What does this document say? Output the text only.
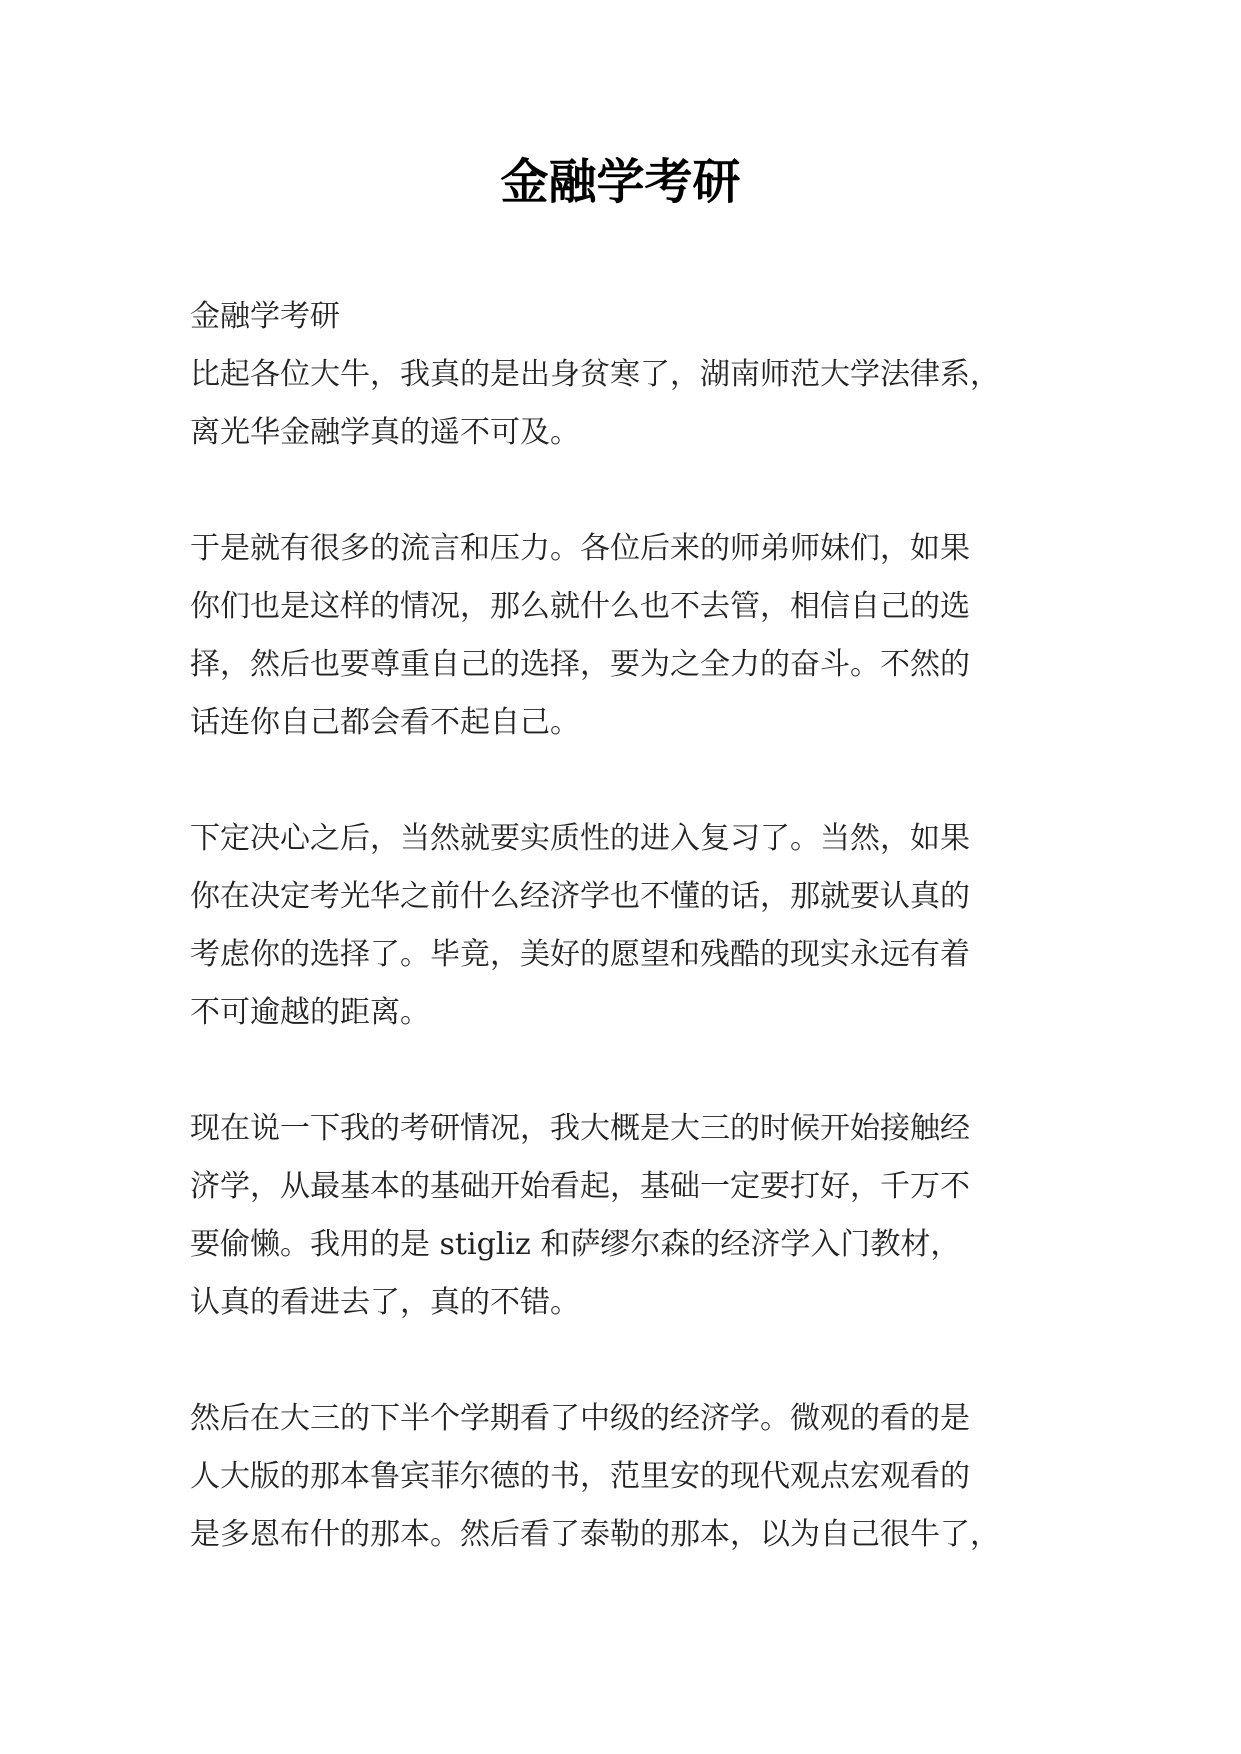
金融学考研
金融学考研
比起各位大牛，我真的是出身贫寒了，湖南师范大学法律系，
离光华金融学真的遥不可及。
于是就有很多的流言和压力。各位后来的师弟师妹们，如果
你们也是这样的情况，那么就什么也不去管，相信自己的选
择，然后也要尊重自己的选择，要为之全力的奋斗。不然的
话连你自己都会看不起自己。
下定决心之后，当然就要实质性的进入复习了。当然，如果
你在决定考光华之前什么经济学也不懂的话，那就要认真的
考虑你的选择了。毕竟，美好的愿望和残酷的现实永远有着
不可逾越的距离。
现在说一下我的考研情况，我大概是大三的时候开始接触经
济学，从最基本的基础开始看起，基础一定要打好，千万不
要偷懒。我用的是 stigliz 和萨缪尔森的经济学入门教材，
认真的看进去了，真的不错。
然后在大三的下半个学期看了中级的经济学。微观的看的是
人大版的那本鲁宾菲尔德的书，范里安的现代观点宏观看的
是多恩布什的那本。然后看了泰勒的那本，以为自己很牛了，
